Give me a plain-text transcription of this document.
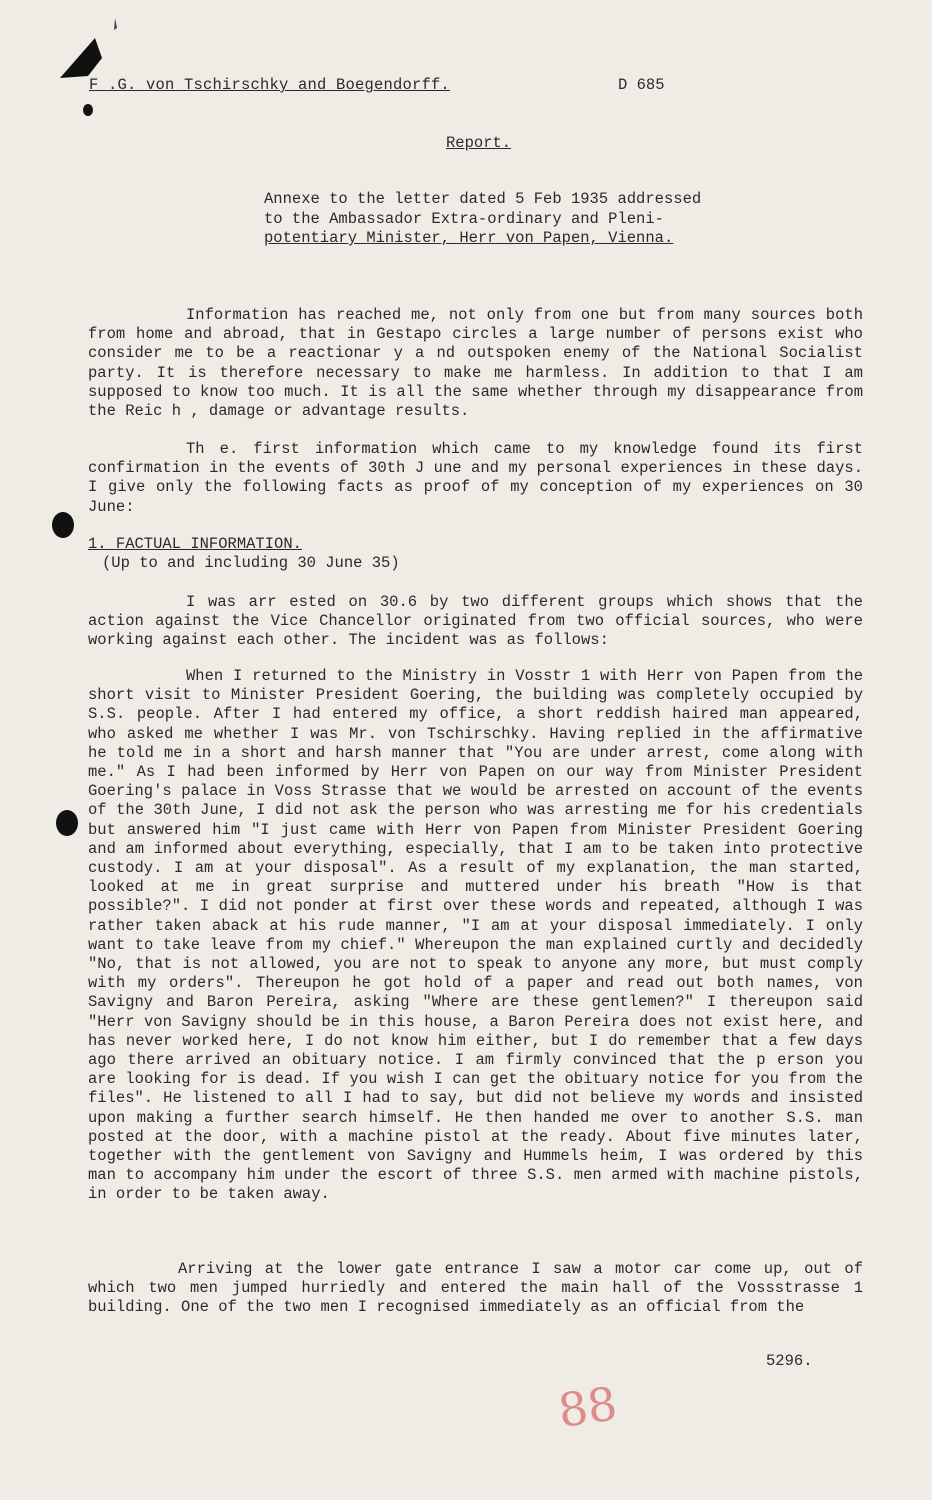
F .G. von Tschirschky and Boegendorff.	D 685
Report.
Annexe to the letter dated 5 Feb 1935 addressed
to the Ambassador Extra-ordinary and Pleni-
potentiary Minister, Herr von Papen, Vienna.

Information has reached me, not only from one but from many sources both from home and abroad, that in Gestapo circles a large number of persons exist who consider me to be a reactionar y a nd outspoken enemy of the National Socialist party. It is therefore necessary to make me harmless. In addition to that I am supposed to know too much. It is all the same whether through my disappearance from the Reic h , damage or advantage results.

Th e. first information which came to my knowledge found its first confirmation in the events of 30th J une and my personal experiences in these days. I give only the following facts as proof of my conception of my experiences on 30 June:

1. FACTUAL INFORMATION.
(Up to and including 30 June 35)

I was arr ested on 30.6 by two different groups which shows that the action against the Vice Chancellor originated from two official sources, who were working against each other. The incident was as follows:

When I returned to the Ministry in Vosstr 1 with Herr von Papen from the short visit to Minister President Goering, the building was completely occupied by S.S. people. After I had entered my office, a short reddish haired man appeared, who asked me whether I was Mr. von Tschirschky. Having replied in the affirmative he told me in a short and harsh manner that "You are under arrest, come along with me." As I had been informed by Herr von Papen on our way from Minister President Goering's palace in Voss Strasse that we would be arrested on account of the events of the 30th June, I did not ask the person who was arresting me for his credentials but answered him "I just came with Herr von Papen from Minister President Goering and am informed about everything, especially, that I am to be taken into protective custody. I am at your disposal". As a result of my explanation, the man started, looked at me in great surprise and muttered under his breath "How is that possible?". I did not ponder at first over these words and repeated, although I was rather taken aback at his rude manner, "I am at your disposal immediately. I only want to take leave from my chief." Whereupon the man explained curtly and decidedly "No, that is not allowed, you are not to speak to anyone any more, but must comply with my orders". Thereupon he got hold of a paper and read out both names, von Savigny and Baron Pereira, asking "Where are these gentlemen?" I thereupon said "Herr von Savigny should be in this house, a Baron Pereira does not exist here, and has never worked here, I do not know him either, but I do remember that a few days ago there arrived an obituary notice. I am firmly convinced that the p erson you are looking for is dead. If you wish I can get the obituary notice for you from the files". He listened to all I had to say, but did not believe my words and insisted upon making a further search himself. He then handed me over to another S.S. man posted at the door, with a machine pistol at the ready. About five minutes later, together with the gentlement von Savigny and Hummels heim, I was ordered by this man to accompany him under the escort of three S.S. men armed with machine pistols, in order to be taken away.

Arriving at the lower gate entrance I saw a motor car come up, out of which two men jumped hurriedly and entered the main hall of the Vossstrasse 1 building. One of the two men I recognised immediately as an official from the

5296.
88
